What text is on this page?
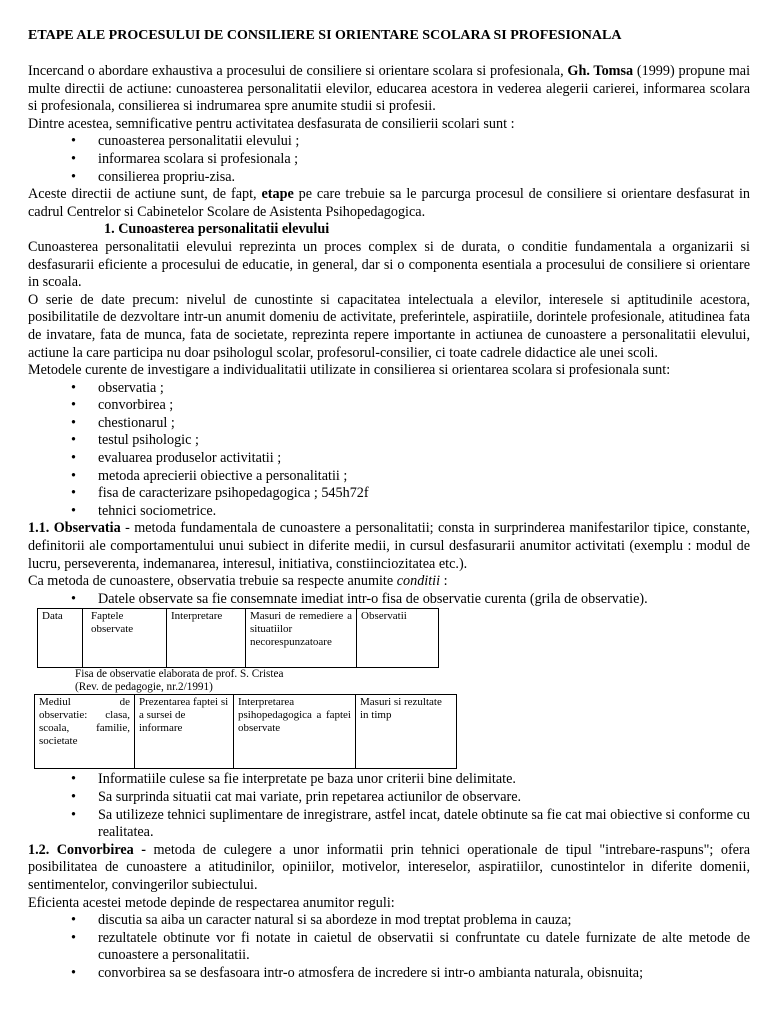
ETAPE ALE PROCESULUI DE CONSILIERE SI ORIENTARE SCOLARA SI PROFESIONALA

Incercand o abordare exhaustiva a procesului de consiliere si orientare scolara si profesionala, Gh. Tomsa (1999) propune mai multe directii de actiune: cunoasterea personalitatii elevilor, educarea acestora in vederea alegerii carierei, informarea scolara si profesionala, consilierea si indrumarea spre anumite studii si profesii.

Dintre acestea, semnificative pentru activitatea desfasurata de consilierii scolari sunt :

• cunoasterea personalitatii elevului ;
• informarea scolara si profesionala ;
• consilierea propriu-zisa.

Aceste directii de actiune sunt, de fapt, etape pe care trebuie sa le parcurga procesul de consiliere si orientare desfasurat in cadrul Centrelor si Cabinetelor Scolare de Asistenta Psihopedagogica.

1. Cunoasterea personalitatii elevului

Cunoasterea personalitatii elevului reprezinta un proces complex si de durata, o conditie fundamentala a organizarii si desfasurarii eficiente a procesului de educatie, in general, dar si o componenta esentiala a procesului de consiliere si orientare in scoala.

O serie de date precum: nivelul de cunostinte si capacitatea intelectuala a elevilor, interesele si aptitudinile acestora, posibilitatile de dezvoltare intr-un anumit domeniu de activitate, preferintele, aspiratiile, dorintele profesionale, atitudinea fata de invatare, fata de munca, fata de societate, reprezinta repere importante in actiunea de cunoastere a personalitatii elevului, actiune la care participa nu doar psihologul scolar, profesorul-consilier, ci toate cadrele didactice ale unei scoli.

Metodele curente de investigare a individualitatii utilizate in consilierea si orientarea scolara si profesionala sunt:

• observatia ;
• convorbirea ;
• chestionarul ;
• testul psihologic ;
• evaluarea produselor activitatii ;
• metoda aprecierii obiective a personalitatii ;
• fisa de caracterizare psihopedagogica ; 545h72f
• tehnici sociometrice.

1.1. Observatia - metoda fundamentala de cunoastere a personalitatii; consta in surprinderea manifestarilor tipice, constante, definitorii ale comportamentului unui subiect in diferite medii, in cursul desfasurarii anumitor activitati (exemplu : modul de lucru, perseverenta, indemanarea, interesul, initiativa, constiinciozitatea etc.).

Ca metoda de cunoastere, observatia trebuie sa respecte anumite conditii :

• Datele observate sa fie consemnate imediat intr-o fisa de observatie curenta (grila de observatie).
Data	Faptele observate	Interpretare	Masuri de remediere a situatiilor necorespunzatoare	Observatii
Fisa de observatie elaborata de prof. S. Cristea
(Rev. de pedagogie, nr.2/1991)
Mediul de observatie: clasa, scoala, familie, societate	Prezentarea faptei si a sursei de informare	Interpretarea psihopedagogica a faptei observate	Masuri si rezultate in timp
• Informatiile culese sa fie interpretate pe baza unor criterii bine delimitate.
• Sa surprinda situatii cat mai variate, prin repetarea actiunilor de observare.
• Sa utilizeze tehnici suplimentare de inregistrare, astfel incat, datele obtinute sa fie cat mai obiective si conforme cu realitatea.

1.2. Convorbirea - metoda de culegere a unor informatii prin tehnici operationale de tipul "intrebare-raspuns"; ofera posibilitatea de cunoastere a atitudinilor, opiniilor, motivelor, intereselor, aspiratiilor, cunostintelor in diferite domenii, sentimentelor, convingerilor subiectului.

Eficienta acestei metode depinde de respectarea anumitor reguli:

• discutia sa aiba un caracter natural si sa abordeze in mod treptat problema in cauza;
• rezultatele obtinute vor fi notate in caietul de observatii si confruntate cu datele furnizate de alte metode de cunoastere a personalitatii.
• convorbirea sa se desfasoara intr-o atmosfera de incredere si intr-o ambianta naturala, obisnuita;
